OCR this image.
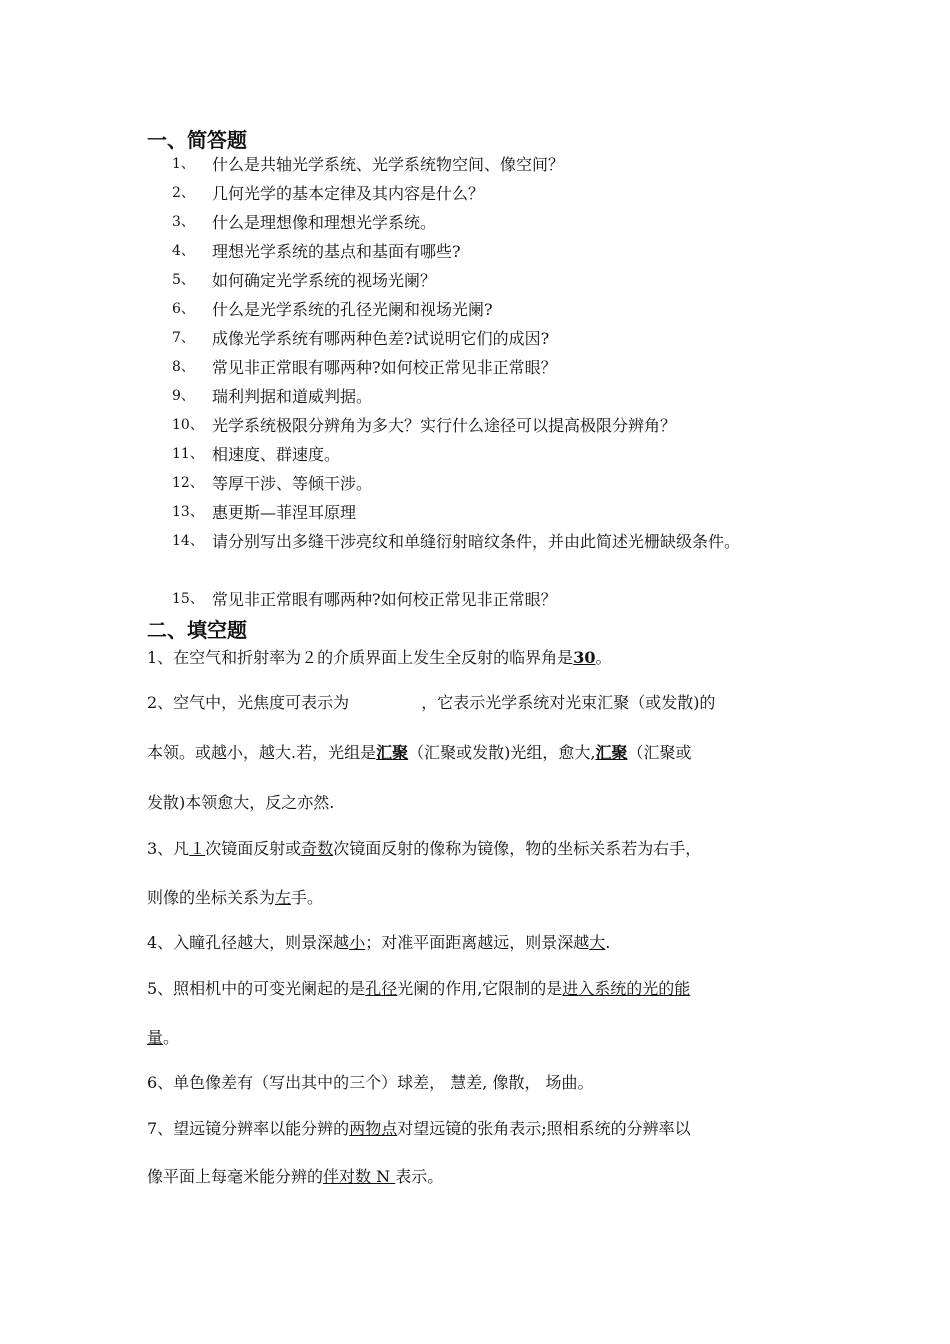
一、简答题
1、	什么是共轴光学系统、光学系统物空间、像空间？
2、	几何光学的基本定律及其内容是什么？
3、	什么是理想像和理想光学系统。
4、	理想光学系统的基点和基面有哪些?
5、	如何确定光学系统的视场光阑？
6、	什么是光学系统的孔径光阑和视场光阑?
7、	成像光学系统有哪两种色差?试说明它们的成因?
8、	常见非正常眼有哪两种?如何校正常见非正常眼？
9、	瑞利判据和道威判据。
10、 光学系统极限分辨角为多大？实行什么途径可以提高极限分辨角？
11、 相速度、群速度。
12、 等厚干涉、等倾干涉。
13、 惠更斯—菲涅耳原理
14、 请分别写出多缝干涉亮纹和单缝衍射暗纹条件，并由此简述光栅缺级条件。
15、 常见非正常眼有哪两种?如何校正常见非正常眼？
二、填空题
1、在空气和折射率为２的介质界面上发生全反射的临界角是30。
2、空气中，光焦度可表示为	，它表示光学系统对光束汇聚（或发散)的
本领。或越小，越大.若，光组是汇聚（汇聚或发散)光组，愈大,汇聚（汇聚或
发散)本领愈大，反之亦然.
3、凡１次镜面反射或奇数次镜面反射的像称为镜像，物的坐标关系若为右手，
则像的坐标关系为左手。
4、入瞳孔径越大，则景深越小；对准平面距离越远，则景深越大.
5、照相机中的可变光阑起的是孔径光阑的作用,它限制的是进入系统的光的能
量。
6、单色像差有（写出其中的三个）球差， 慧差, 像散， 场曲。
7、望远镜分辨率以能分辨的两物点对望远镜的张角表示;照相系统的分辨率以
像平面上每毫米能分辨的伴对数 N 表示。
